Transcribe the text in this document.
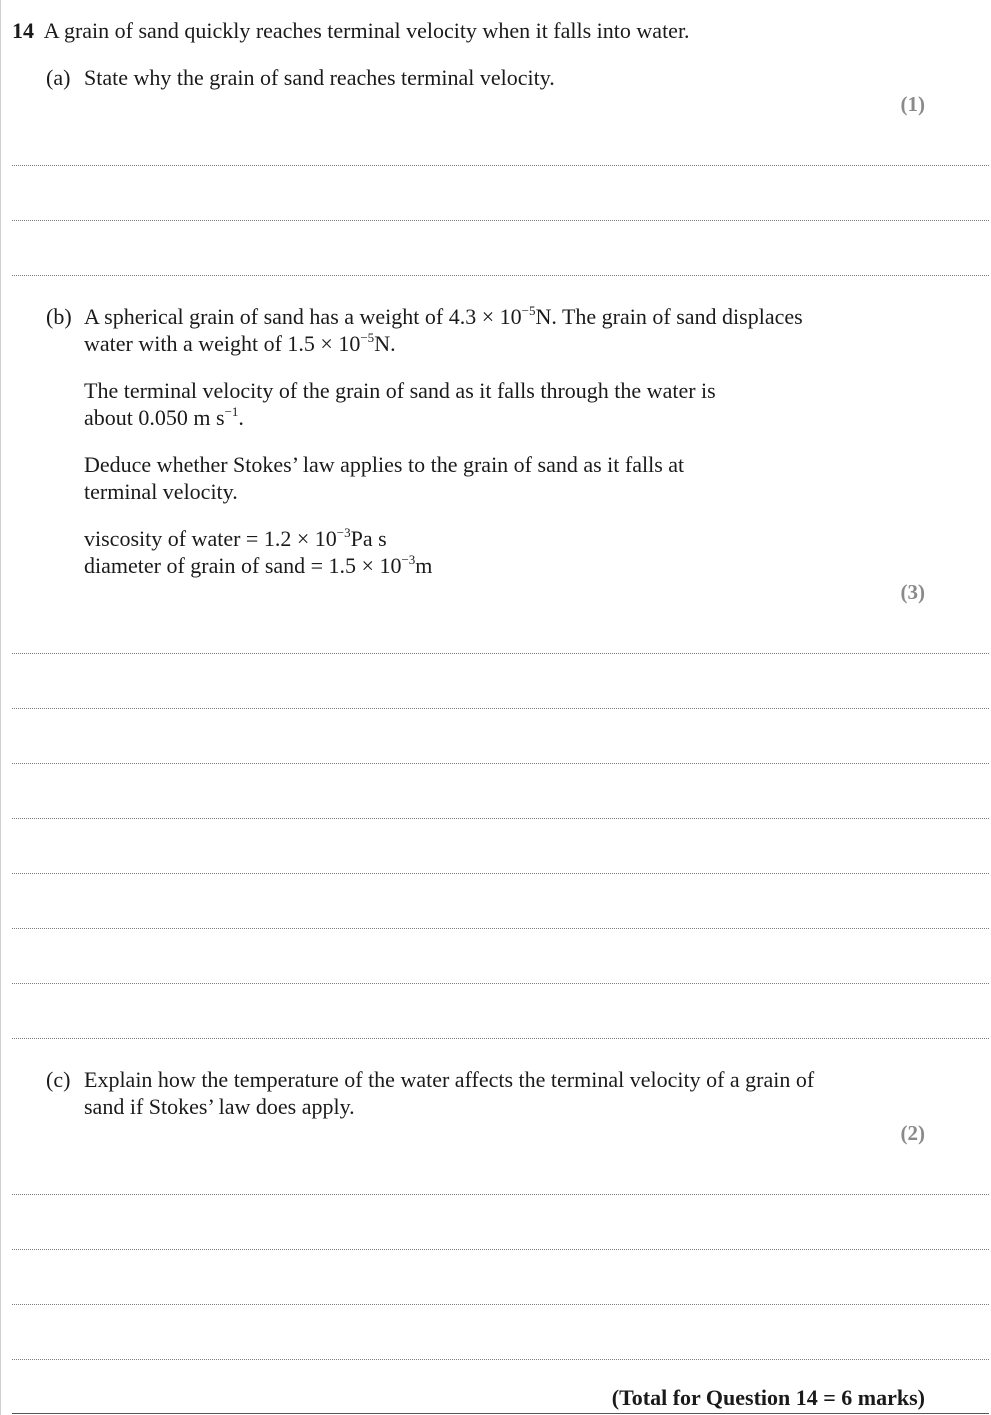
14 A grain of sand quickly reaches terminal velocity when it falls into water.
(a) State why the grain of sand reaches terminal velocity.
(1)
(b) A spherical grain of sand has a weight of $4.3 \times 10^{-5}N$. The grain of sand displaces
water with a weight of $1.5 \times 10^{-5}N$.
The terminal velocity of the grain of sand as it falls through the water is
about 0.050 m $s^{-1}$.
Deduce whether Stokes’ law applies to the grain of sand as it falls at
terminal velocity.
viscosity of water = $1.2 \times 10^{-3}Pa$ s
diameter of grain of sand = $1.5 \times 10^{-3}m$
(3)
(c) Explain how the temperature of the water affects the terminal velocity of a grain of
sand if Stokes’ law does apply.
(2)
(Total for Question 14 = 6 marks)
